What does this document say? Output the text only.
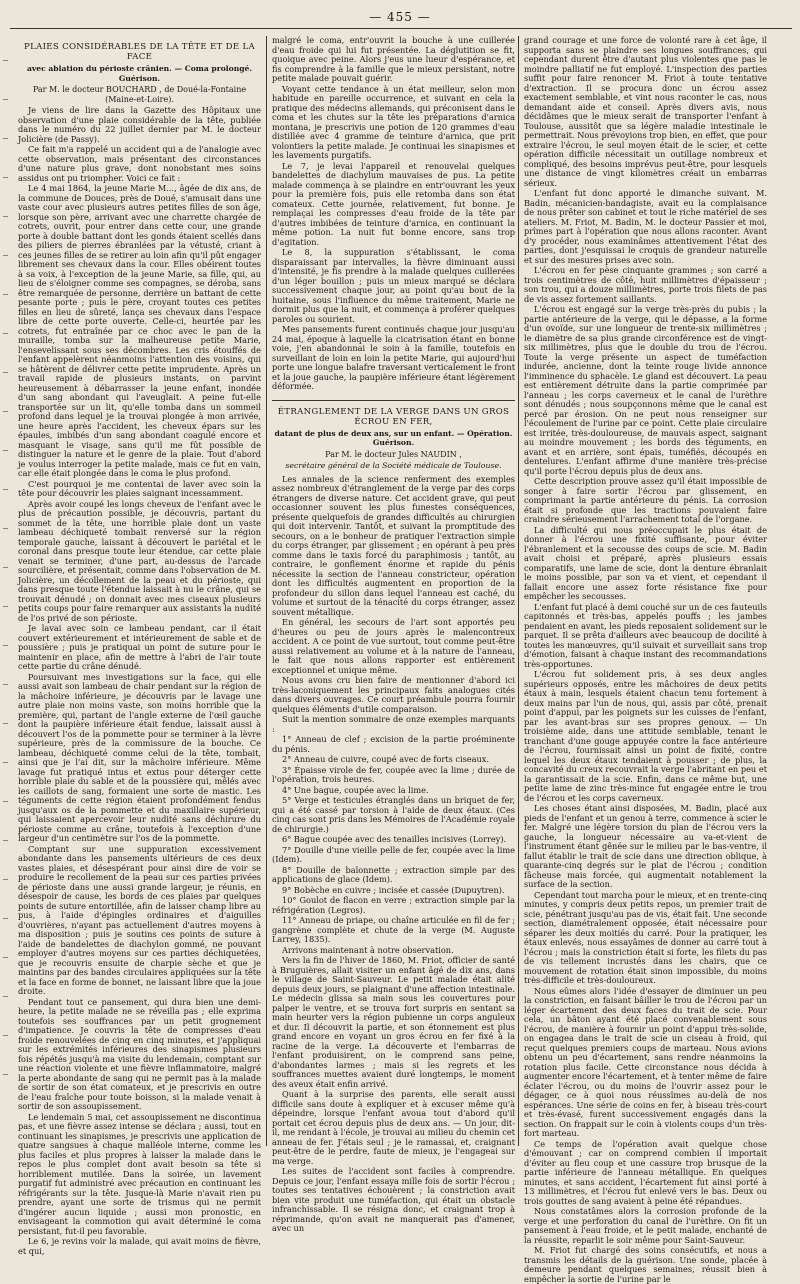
— 455 —
PLAIES CONSIDÉRABLES DE LA TÊTE ET DE LA FACE

avec ablation du périoste crânien. — Coma prolongé. Guérison.

Par M. le docteur BOUCHARD , de Doué-la-Fontaine (Maine-et-Loire).

Je viens de lire dans la Gazette des Hôpitaux une observation d'une plaie considérable de la tête, publiée dans le numéro du 22 juillet dernier par M. le docteur Jolicière (de Passy).

Ce fait m'a rappelé un accident qui a de l'analogie avec cette observation, mais présentant des circonstances d'une nature plus grave, dont nonobstant mes soins assidus ont pu triompher. Voici ce fait :

Le 4 mai 1864, la jeune Marie M..., âgée de dix ans, de la commune de Douces, près de Doué, s'amusait dans une vaste cour avec plusieurs autres petites filles de son âge, lorsque son père, arrivant avec une charrette chargée de cotrets, ouvrit, pour entrer dans cette cour, une grande porte à double battant dont les gonds étaient scellés dans des piliers de pierres ébranlées par la vétusté, criant à ces jeunes filles de se retirer au loin afin qu'il pût engager librement ses chevaux dans la cour. Elles obéirent toutes à sa voix, à l'exception de la jeune Marie, sa fille, qui, au lieu de s'éloigner comme ses compagnes, se déroba, sans être remarquée de personne, derrière un battant de cette pesante porte ; puis le père, croyant toutes ces petites filles en lieu de sûreté, lança ses chevaux dans l'espace libre de cette porte ouverte. Celle-ci, heurtée par les cotrets, fut entraînée par ce choc avec le pan de la muraille, tomba sur la malheureuse petite Marie, l'ensevelissant sous ses décombres. Les cris étouffés de l'enfant appelèrent néanmoins l'attention des voisins, qui se hâtèrent de délivrer cette petite imprudente. Après un travail rapide de plusieurs instants, on parvint heureusement à débarrasser la jeune enfant, inondée d'un sang abondant qui l'aveuglait. A peine fut-elle transportée sur un lit, qu'elle tomba dans un sommeil profond dans lequel je la trouvai plongée à mon arrivée, une heure après l'accident, les cheveux épars sur les épaules, imbibés d'un sang abondant coagulé encore et masquant le visage, sans qu'il me fût possible de distinguer la nature et le genre de la plaie. Tout d'abord je voulus interroger la petite malade, mais ce fut en vain, car elle était plongée dans le coma le plus profond.

C'est pourquoi je me contentai de laver avec soin la tête pour découvrir les plaies saignant incessamment.

Après avoir coupé les longs cheveux de l'enfant avec le plus de précaution possible, je découvris, partant du sommet de la tête, une horrible plaie dont un vaste lambeau déchiqueté tombait renversé sur la région temporale gauche, laissant à découvert le pariétal et le coronal dans presque toute leur étendue, car cette plaie venait se terminer, d'une part, au-dessus de l'arcade sourcilière, et présentait, comme dans l'observation de M. Jolicière, un décollement de la peau et du périoste, qui dans presque toute l'étendue laissait à nu le crâne, qui se trouvait dénudé ; on donnait avec mes ciseaux plusieurs petits coups pour faire remarquer aux assistants la nudité de l'os privé de son périoste.

Je lavai avec soin ce lambeau pendant, car il était couvert extérieurement et intérieurement de sable et de poussière ; puis je pratiquai un point de suture pour le maintenir en place, afin de mettre à l'abri de l'air toute cette partie du crâne dénudé.

Poursuivant mes investigations sur la face, qui elle aussi avait son lambeau de chair pendant sur la région de la mâchoire inférieure, je découvris par le lavage une autre plaie non moins vaste, son moins horrible que la première, qui, partant de l'angle externe de l'œil gauche dont la paupière inférieure était fendue, laissait aussi à découvert l'os de la pommette pour se terminer à la lèvre supérieure, près de la commissure de la bouche. Ce lambeau, déchiqueté comme celui de la tête, tombait, ainsi que je l'ai dit, sur la mâchoire inférieure. Même lavage fut pratiqué intus et extus pour déterger cette horrible plaie du sable et de la poussière qui, mêlés avec les caillots de sang, formaient une sorte de mastic. Les téguments de cette région étaient profondément fendus jusqu'aux os de la pommette et du maxillaire supérieur, qui laissaient apercevoir leur nudité sans déchirure du périoste comme au crâne, toutefois à l'exception d'une largeur d'un centimètre sur l'os de la pommette.

Comptant sur une suppuration excessivement abondante dans les pansements ultérieurs de ces deux vastes plaies, et désespérant pour ainsi dire de voir se produire le recollement de la peau sur ces parties privées de périoste dans une aussi grande largeur, je réunis, en désespoir de cause, les bords de ces plaies par quelques points de suture entortillée, afin de laisser champ libre au pus, à l'aide d'épingles ordinaires et d'aiguilles d'ouvrières, n'ayant pas actuellement d'autres moyens à ma disposition ; puis je soutins ces points de suture à l'aide de bandelettes de diachylon gommé, ne pouvant employer d'autres moyens sur ces parties déchiquetées, que je recouvris ensuite de charpie sèche et que je maintins par des bandes circulaires appliquées sur la tête et la face en forme de bonnet, ne laissant libre que la joue droite.

Pendant tout ce pansement, qui dura bien une demi-heure, la petite malade ne se réveilla pas ; elle exprima toutefois ses souffrances par un petit grognement d'impatience. Je couvris la tête de compresses d'eau froide renouvelées de cinq en cinq minutes, et j'appliquai sur les extrémités inférieures des sinapismes plusieurs fois répétés jusqu'à ma visite du lendemain, comptant sur une réaction violente et une fièvre inflammatoire, malgré la perte abondante de sang qui ne permit pas à la malade de sortir de son état comateux, et je prescrivis en outre de l'eau fraîche pour toute boisson, si la malade venait à sortir de son assoupissement.

Le lendemain 5 mai, cet assoupissement ne discontinua pas, et une fièvre assez intense se déclara ; aussi, tout en continuant les sinapismes, je prescrivis une application de quatre sangsues à chaque malléole interne, comme les plus faciles et plus propres à laisser la malade dans le repos le plus complet dont avait besoin sa tête si horriblement mutilée. Dans la soirée, un lavement purgatif fut administré avec précaution en continuant les réfrigérants sur la tête. Jusque-là Marie n'avait rien pu prendre, ayant une sorte de trismus qui ne permit d'ingérer aucun liquide ; aussi mon pronostic, en envisageant la commotion qui avait déterminé le coma persistant, fut-il peu favorable.

Le 6, je revins voir la malade, qui avait moins de fièvre, et qui,

malgré le coma, entr'ouvrit la bouche à une cuillerée d'eau froide qui lui fut présentée. La déglutition se fit, quoique avec peine. Alors j'eus une lueur d'espérance, et fis comprendre à la famille que le mieux persistant, notre petite malade pouvait guérir.

Voyant cette tendance à un état meilleur, selon mon habitude en pareille occurrence, et suivant en cela la pratique des médecins allemands, qui préconisent dans le coma et les chutes sur la tête les préparations d'arnica montana, je prescrivis une potion de 120 grammes d'eau distillée avec 4 gramme de teinture d'arnica, que prit volontiers la petite malade. Je continuai les sinapismes et les lavements purgatifs.

Le 7, je levai l'appareil et renouvelai quelques bandelettes de diachylum mauvaises de pus. La petite malade commença à se plaindre en entr'ouvrant les yeux pour la première fois, puis elle retomba dans son état comateux. Cette journée, relativement, fut bonne. Je remplaçai les compresses d'eau froide de la tête par d'autres imbibées de teinture d'arnica, en continuant la même potion. La nuit fut bonne encore, sans trop d'agitation.

Le 8, la suppuration s'établissant, le coma disparaissant par intervalles, la fièvre diminuant aussi d'intensité, je fis prendre à la malade quelques cuillerées d'un léger bouillon ; puis un mieux marqué se déclara successivement chaque jour, au point qu'au bout de la huitaine, sous l'influence du même traitement, Marie ne dormit plus que la nuit, et commença à proférer quelques paroles ou sourient.

Mes pansements furent continués chaque jour jusqu'au 24 mai, époque à laquelle la cicatrisation étant en bonne voie, j'en abandonnai le soin à la famille, toutefois en surveillant de loin en loin la petite Marie, qui aujourd'hui porte une longue balafre traversant verticalement le front et la joue gauche, la paupière inférieure étant légèrement déformée.

ÉTRANGLEMENT DE LA VERGE DANS UN GROS ÉCROU EN FER,

datant de plus de deux ans, sur un enfant. — Opération. Guérison.

Par M. le docteur Jules NAUDIN ,

secrétaire général de la Société médicale de Toulouse.

Les annales de la science renferment des exemples assez nombreux d'étranglement de la verge par des corps étrangers de diverse nature. Cet accident grave, qui peut occasionner souvent les plus funestes conséquences, présente quelquefois de grandes difficultés au chirurgien qui doit intervenir. Tantôt, et suivant la promptitude des secours, on a le bonheur de pratiquer l'extraction simple du corps étranger, par glissement ; en opérant à peu près comme dans le taxis forcé du paraphimosis ; tantôt, au contraire, le gonflement énorme et rapide du pénis nécessite la section de l'anneau constricteur, opération dont les difficultés augmentent en proportion de la profondeur du sillon dans lequel l'anneau est caché, du volume et surtout de la ténacité du corps étranger, assez souvent métallique.

En général, les secours de l'art sont apportés peu d'heures ou peu de jours après le malencontreux accident. A ce point de vue surtout, tout comme peut-être aussi relativement au volume et à la nature de l'anneau, le fait que nous allons rapporter est entièrement exceptionnel et unique même.

Nous avons cru bien faire de mentionner d'abord ici très-laconiquement les principaux faits analogues cités dans divers ouvrages. Ce court préambule pourra fournir quelques éléments d'utile comparaison.

Suit la mention sommaire de onze exemples marquants :

1° Anneau de clef ; excision de la partie proéminente du pénis.

2° Anneau de cuivre, coupé avec de forts ciseaux.

3° Épaisse virole de fer, coupée avec la lime ; durée de l'opération, trois heures.

4° Une bague, coupée avec la lime.

5° Verge et testicules étranglés dans un briquet de fer, qui a été cassé par torsion à l'aide de deux étaux. (Ces cinq cas sont pris dans les Mémoires de l'Académie royale de chirurgie.)

6° Bague coupée avec des tenailles incisives (Lorrey).

7° Douille d'une vieille pelle de fer, coupée avec la lime (Idem).

8° Douille de baïonnette ; extraction simple par des applications de glace (Idem).

9° Bobèche en cuivre ; incisée et cassée (Dupuytren).

10° Goulot de flacon en verre ; extraction simple par la réfrigération (Legros).

11° Anneau de priape, ou chaîne articulée en fil de fer ; gangrène complète et chute de la verge (M. Auguste Larrey, 1835).

Arrivons maintenant à notre observation.

Vers la fin de l'hiver de 1860, M. Friot, officier de santé à Bruguières, allait visiter un enfant âgé de dix ans, dans le village de Saint-Sauveur. Le petit malade était alité depuis deux jours, se plaignant d'une affection intestinale. Le médecin glissa sa main sous les couvertures pour palper le ventre, et se trouva fort surpris en sentant sa main heurter vers la région pubienne un corps anguleux et dur. Il découvrit la partie, et son étonnement est plus grand encore en voyant un gros écrou en fer fixé à la racine de la verge. La découverte et l'embarras de l'enfant produisirent, on le comprend sans peine, d'abondantes larmes ; mais si les regrets et les souffrances muettes avaient duré longtemps, le moment des aveux était enfin arrivé.

Quant à la surprise des parents, elle serait aussi difficile sans doute à expliquer et à excuser même qu'à dépeindre, lorsque l'enfant avoua tout d'abord qu'il portait cet écrou depuis plus de deux ans. — Un jour, dit-il, me rendant à l'école, je trouvai au milieu du chemin cet anneau de fer. J'étais seul ; je le ramassai, et, craignant peut-être de le perdre, faute de mieux, je l'engageai sur ma verge.

Les suites de l'accident sont faciles à comprendre. Depuis ce jour, l'enfant essaya mille fois de sortir l'écrou ; toutes ses tentatives échouèrent ; la constriction avait bien vite produit une tuméfaction, qui était un obstacle infranchissable. Il se résigna donc, et craignant trop à réprimande, qu'on avait ne manquerait pas d'amener, avec un

grand courage et une force de volonté rare à cet âge, il supporta sans se plaindre ses longues souffrances, qui cependant durent être d'autant plus violentes que pas le moindre palliatif ne fut employé. L'inspection des parties suffit pour faire renoncer M. Friot à toute tentative d'extraction. Il se procura donc un écrou assez exactement semblable, et vint nous raconter le cas, nous demandant aide et conseil. Après divers avis, nous décidâmes que le mieux serait de transporter l'enfant à Toulouse, aussitôt que sa légère maladie intestinale le permettrait. Nous prévoyions trop bien, en effet, que pour extraire l'écrou, le seul moyen était de le scier, et cette opération difficile nécessitait un outillage nombreux et compliqué, des besoins imprévus peut-être, pour lesquels une distance de vingt kilomètres créait un embarras sérieux.

L'enfant fut donc apporté le dimanche suivant. M. Badin, mécanicien-bandagiste, avait eu la complaisance de nous prêter son cabinet et tout le riche matériel de ses ateliers. M. Friot, M. Badin, M. le docteur Passier et moi, prîmes part à l'opération que nous allons raconter. Avant d'y procéder, nous examinâmes attentivement l'état des parties, dont j'esquissai le croquis de grandeur naturelle et sur des mesures prises avec soin.

L'écrou en fer pèse cinquante grammes ; son carré a trois centimètres de côté, huit millimètres d'épaisseur ; son trou, qui a douze millimètres, porte trois filets de pas de vis assez fortement saillants.

L'écrou est engagé sur la verge très-près du pubis ; la partie antérieure de la verge, qui le dépasse, a la forme d'un ovoïde, sur une longueur de trente-six millimètres ; le diamètre de sa plus grande circonférence est de vingt-six millimètres, plus que le double du trou de l'écrou. Toute la verge présente un aspect de tuméfaction indurée, ancienne, dont la teinte rouge livide annonce l'imminence du sphacèle. Le gland est découvert. La peau est entièrement détruite dans la partie comprimée par l'anneau ; les corps caverneux et le canal de l'urèthre sont dénudés ; nous soupçonnons même que le canal est percé par érosion. On ne peut nous renseigner sur l'écoulement de l'urine par ce point. Cette plaie circulaire est irritée, très-douloureuse, de mauvais aspect, saignant au moindre mouvement ; les bords des téguments, en avant et en arrière, sont épais, tuméfiés, découpés en dentelures. L'enfant affirme d'une manière très-précise qu'il porte l'écrou depuis plus de deux ans.

Cette description prouve assez qu'il était impossible de songer à faire sortir l'écrou par glissement, en comprimant la partie antérieure du pénis. La corrosion était si profonde que les tractions pouvaient faire craindre sérieusement l'arrachement total de l'organe.

La difficulté qui nous préoccupait le plus était de donner à l'écrou une fixité suffisante, pour éviter l'ébranlement et la secousse des coups de scie. M. Badin avait choisi et préparé, après plusieurs essais comparatifs, une lame de scie, dont la denture ébranlait le moins possible, par son va et vient, et cependant il fallait encore une assez forte résistance fixe pour empêcher les secousses.

L'enfant fut placé à demi couché sur un de ces fauteuils capitonnés et très-bas, appelés pouffs ; les jambes pendaient en avant, les pieds reposaient solidement sur le parquet. Il se prêta d'ailleurs avec beaucoup de docilité à toutes les manœuvres, qu'il suivait et surveillait sans trop d'émotion, faisant à chaque instant des recommandations très-opportunes.

L'écrou fut solidement pris, à ses deux angles supérieurs opposés, entre les mâchoires de deux petits étaux à main, lesquels étaient chacun tenu fortement à deux mains par l'un de nous, qui, assis par côté, prenait point d'appui, par les poignets sur les cuisses de l'enfant, par les avant-bras sur ses propres genoux. — Un troisième aide, dans une attitude semblable, tenant le tranchant d'une gouge appuyée contre la face antérieure de l'écrou, fournissait ainsi un point de fixité, contre lequel les deux étaux tendaient à pousser ; de plus, la concavité du creux recouvrait la verge l'abritant en peu et la garantissait de la scie. Enfin, dans ce même but, une petite lame de zinc très-mince fut engagée entre le trou de l'écrou et les corps caverneux.

Les choses étant ainsi disposées, M. Badin, placé aux pieds de l'enfant et un genou à terre, commence à scier le fer. Malgré une légère torsion du plan de l'écrou vers la gauche, la longueur nécessaire au va-et-vient de l'instrument étant gênée sur le milieu par le bas-ventre, il fallut établir le trait de scie dans une direction oblique, à quarante-cinq degrés sur le plat de l'écrou ; condition fâcheuse mais forcée, qui augmentait notablement la surface de la section.

Cependant tout marcha pour le mieux, et en trente-cinq minutes, y compris deux petits repos, un premier trait de scie, pénétrant jusqu'au pas de vis, était fait. Une seconde section, diamétralement opposée, était nécessaire pour séparer les deux moitiés du carré. Pour la pratiquer, les étaux enlevés, nous essayâmes de donner au carré tout à l'écrou ; mais la constriction était si forte, les filets du pas de vis tellement incrustés dans les chairs, que ce mouvement de rotation était sinon impossible, du moins très-difficile et très-douloureux.

Nous eûmes alors l'idée d'essayer de diminuer un peu la constriction, en faisant bâiller le trou de l'écrou par un léger écartement des deux faces du trait de scie. Pour cela, un bâton ayant été placé convenablement sous l'écrou, de manière à fournir un point d'appui très-solide, on engagea dans le trait de scie un ciseau à froid, qui reçut quelques premiers coups de marteau. Nous avions obtenu un peu d'écartement, sans rendre néanmoins la rotation plus facile. Cette circonstance nous décida à augmenter encore l'écartement, et à tenter même de faire éclater l'écrou, ou du moins de l'ouvrir assez pour le dégager, ce à quoi nous réussîmes au-delà de nos espérances. Une série de coins en fer, à biseau très-court et très-évasé, furent successivement engagés dans la section. On frappait sur le coin à violents coups d'un très-fort marteau.

Ce temps de l'opération avait quelque chose d'émouvant ; car on comprend combien il importait d'éviter au fleu coup et une cassure trop brusque de la partie inférieure de l'anneau métallique. En quelques minutes, et sans accident, l'écartement fut ainsi porté à 13 millimètres, et l'écrou fut enlevé vers le bas. Deux ou trois gouttes de sang avaient à peine été répandues.

Nous constatâmes alors la corrosion profonde de la verge et une perforation du canal de l'urèthre. On fit un pansement à l'eau froide, et le petit malade, enchanté de la réussite, reparlit le soir même pour Saint-Sauveur.

M. Friot fut chargé des soins consécutifs, et nous a transmis les détails de la guérison. Une sonde, placée à demeure pendant quelques semaines, réussit bien à empêcher la sortie de l'urine par le
